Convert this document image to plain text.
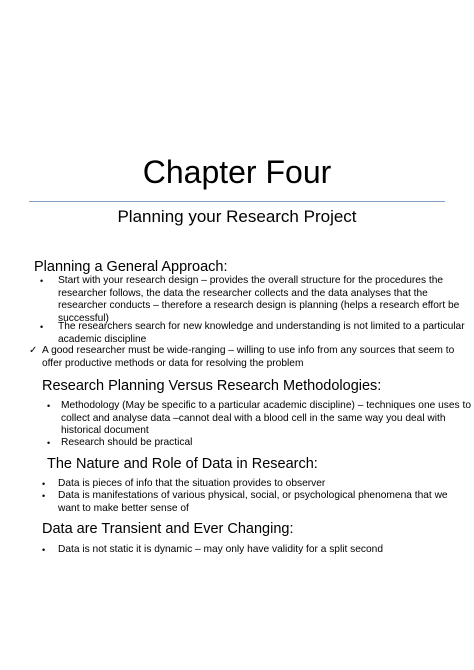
Chapter Four
Planning your Research Project
Planning a General Approach:
• Start with your research design – provides the overall structure for the procedures the
researcher follows, the data the researcher collects and the data analyses that the
researcher conducts – therefore a research design is planning (helps a research effort be
successful)
• The researchers search for new knowledge and understanding is not limited to a particular
academic discipline
✓ A good researcher must be wide-ranging – willing to use info from any sources that seem to
offer productive methods or data for resolving the problem
Research Planning Versus Research Methodologies:
• Methodology (May be specific to a particular academic discipline) – techniques one uses to
collect and analyse data –cannot deal with a blood cell in the same way you deal with
historical document
• Research should be practical
The Nature and Role of Data in Research:
• Data is pieces of info that the situation provides to observer
• Data is manifestations of various physical, social, or psychological phenomena that we
want to make better sense of
Data are Transient and Ever Changing:
• Data is not static it is dynamic – may only have validity for a split second
